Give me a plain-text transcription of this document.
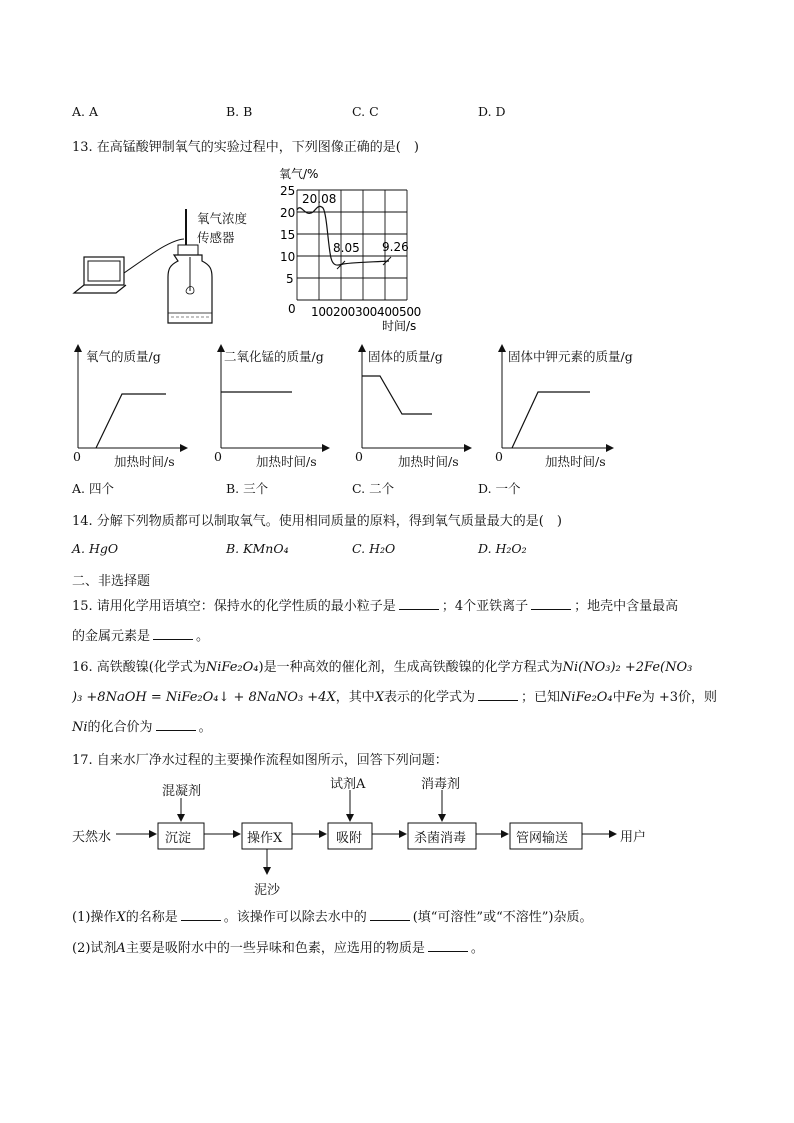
A. A	B. B	C. C	D. D
13. 在高锰酸钾制氧气的实验过程中，下列图像正确的是(　)
氧气浓度
传感器
氧气/%
25
20
15
10
5
0 100200300400500
时间/s
20.08
8.05 9.26
氧气的质量/g
0	加热时间/s
二氧化锰的质量/g
0	加热时间/s
固体的质量/g
0	加热时间/s
固体中钾元素的质量/g
0	加热时间/s
A. 四个	B. 三个	C. 二个	D. 一个
14. 分解下列物质都可以制取氧气。使用相同质量的原料，得到氧气质量最大的是(　)
A. HgO	B. KMnO₄	C. H₂O	D. H₂O₂
二、非选择题
15. 请用化学用语填空：保持水的化学性质的最小粒子是	；4个亚铁离子	；地壳中含量最高
的金属元素是	。
16. 高铁酸镍(化学式为NiFe₂O₄)是一种高效的催化剂，生成高铁酸镍的化学方程式为Ni(NO₃)₂ +2Fe(NO₃
)₃ +8NaOH = NiFe₂O₄↓ + 8NaNO₃ +4X，其中X表示的化学式为	；已知NiFe₂O₄中Fe为 +3价，则
Ni的化合价为	。
17. 自来水厂净水过程的主要操作流程如图所示，回答下列问题：
天然水	沉淀	操作X	吸附	杀菌消毒	管网输送	用户
混凝剂	试剂A	消毒剂
泥沙
(1)操作X的名称是	。该操作可以除去水中的	(填“可溶性”或“不溶性”)杂质。
(2)试剂A主要是吸附水中的一些异味和色素，应选用的物质是	。
